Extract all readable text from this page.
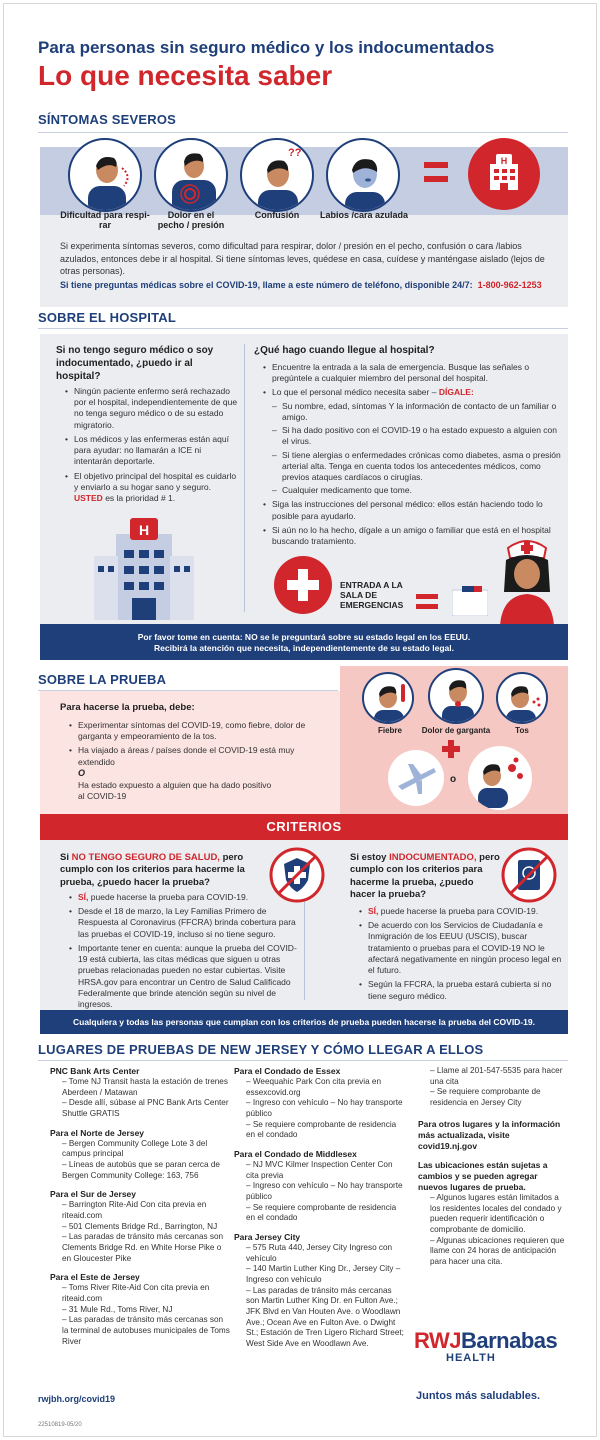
Para personas sin seguro médico y los indocumentados
Lo que necesita saber
SÍNTOMAS SEVEROS
??
H
Dificultad para respi-
rar
Dolor en el
pecho / presión
Confusión	Labios /cara azulada
Si experimenta síntomas severos, como dificultad para respirar, dolor / presión en el pecho, confusión o cara /labios azulados, entonces debe ir al hospital. Si tiene síntomas leves, quédese en casa, cuídese y manténgase aislado (lejos de otras personas).
Si tiene preguntas médicas sobre el COVID-19, llame a este número de teléfono, disponible 24/7: 1-800-962-1253
SOBRE EL HOSPITAL
Si no tengo seguro médico o soy indocumentado, ¿puedo ir al hospital?
• Ningún paciente enfermo será rechazado por el hospital, independientemente de que no tenga seguro médico o de su estado migratorio.
• Los médicos y las enfermeras están aquí para ayudar: no llamarán a ICE ni intentarán deportarle.
• El objetivo principal del hospital es cuidarlo y enviarlo a su hogar sano y seguro. USTED es la prioridad # 1.
H
¿Qué hago cuando llegue al hospital?
• Encuentre la entrada a la sala de emergencia. Busque las señales o pregúntele a cualquier miembro del personal del hospital.
• Lo que el personal médico necesita saber – DÍGALE:
– Su nombre, edad, síntomas Y la información de contacto de un familiar o amigo.
– Si ha dado positivo con el COVID-19 o ha estado expuesto a alguien con el virus.
– Si tiene alergias o enfermedades crónicas como diabetes, asma o presión arterial alta. Tenga en cuenta todos los antecedentes médicos, como previos ataques cardíacos o cirugías.
– Cualquier medicamento que tome.
• Siga las instrucciones del personal médico: ellos están haciendo todo lo posible para ayudarlo.
• Si aún no lo ha hecho, dígale a un amigo o familiar que está en el hospital buscando tratamiento.
ENTRADA A LA SALA DE EMERGENCIAS
Por favor tome en cuenta: NO se le preguntará sobre su estado legal en los EEUU.
Recibirá la atención que necesita, independientemente de su estado legal.
SOBRE LA PRUEBA
Para hacerse la prueba, debe:
• Experimentar síntomas del COVID-19, como fiebre, dolor de garganta y empeoramiento de la tos.
• Ha viajado a áreas / países donde el COVID-19 está muy extendido
O
Ha estado expuesto a alguien que ha dado positivo al COVID-19
Fiebre	Dolor de garganta	Tos
o
CRITERIOS
Si NO TENGO SEGURO DE SALUD, pero cumplo con los criterios para hacerme la prueba, ¿puedo hacer la prueba?
• SÍ, puede hacerse la prueba para COVID-19.
• Desde el 18 de marzo, la Ley Familias Primero de Respuesta al Coronavirus (FFCRA) brinda cobertura para las pruebas el COVID-19, incluso si no tiene seguro.
• Importante tener en cuenta: aunque la prueba del COVID-19 está cubierta, las citas médicas que siguen u otras pruebas relacionadas pueden no estar cubiertas. Visite HRSA.gov para encontrar un Centro de Salud Calificado Federalmente que brinde atención según su nivel de ingresos.
Si estoy INDOCUMENTADO, pero cumplo con los criterios para hacerme la prueba, ¿puedo hacer la prueba?
• SÍ, puede hacerse la prueba para COVID-19.
• De acuerdo con los Servicios de Ciudadanía e Inmigración de los EEUU (USCIS), buscar tratamiento o pruebas para el COVID-19 NO le afectará negativamente en ningún proceso legal en el futuro.
• Según la FFCRA, la prueba estará cubierta si no tiene seguro médico.
Cualquiera y todas las personas que cumplan con los criterios de prueba pueden hacerse la prueba del COVID-19.
LUGARES DE PRUEBAS DE NEW JERSEY Y CÓMO LLEGAR A ELLOS
PNC Bank Arts Center
– Tome NJ Transit hasta la estación de trenes Aberdeen / Matawan
– Desde allí, súbase al PNC Bank Arts Center Shuttle GRATIS
Para el Norte de Jersey
– Bergen Community College Lote 3 del campus principal
– Líneas de autobús que se paran cerca de Bergen Community College: 163, 756
Para el Sur de Jersey
– Barrington Rite-Aid Con cita previa en riteaid.com
– 501 Clements Bridge Rd., Barrington, NJ
– Las paradas de tránsito más cercanas son Clements Bridge Rd. en White Horse Pike o en Gloucester Pike
Para el Este de Jersey
– Toms River Rite-Aid Con cita previa en riteaid.com
– 31 Mule Rd., Toms River, NJ
– Las paradas de tránsito más cercanas son la terminal de autobuses municipales de Toms River
Para el Condado de Essex
– Weequahic Park Con cita previa en essexcovid.org
– Ingreso con vehículo – No hay transporte público
– Se requiere comprobante de residencia en el condado
Para el Condado de Middlesex
– NJ MVC Kilmer Inspection Center Con cita previa
– Ingreso con vehículo – No hay transporte público
– Se requiere comprobante de residencia en el condado
Para Jersey City
– 575 Ruta 440, Jersey City Ingreso con vehículo
– 140 Martin Luther King Dr., Jersey City – Ingreso con vehículo
– Las paradas de tránsito más cercanas son Martin Luther King Dr. en Fulton Ave.; JFK Blvd en Van Houten Ave. o Woodlawn Ave.; Ocean Ave en Fulton Ave. o Dwight St.; Estación de Tren Ligero Richard Street; West Side Ave en Woodlawn Ave.
– Llame al 201-547-5535 para hacer una cita
– Se requiere comprobante de residencia en Jersey City
Para otros lugares y la información más actualizada, visite covid19.nj.gov
Las ubicaciones están sujetas a cambios y se pueden agregar nuevos lugares de prueba.
– Algunos lugares están limitados a los residentes locales del condado y pueden requerir identificación o comprobante de domicilio.
– Algunas ubicaciones requieren que llame con 24 horas de anticipación para hacer una cita.
RWJBarnabas
HEALTH
Juntos más saludables.
rwjbh.org/covid19
22510819-05/20
